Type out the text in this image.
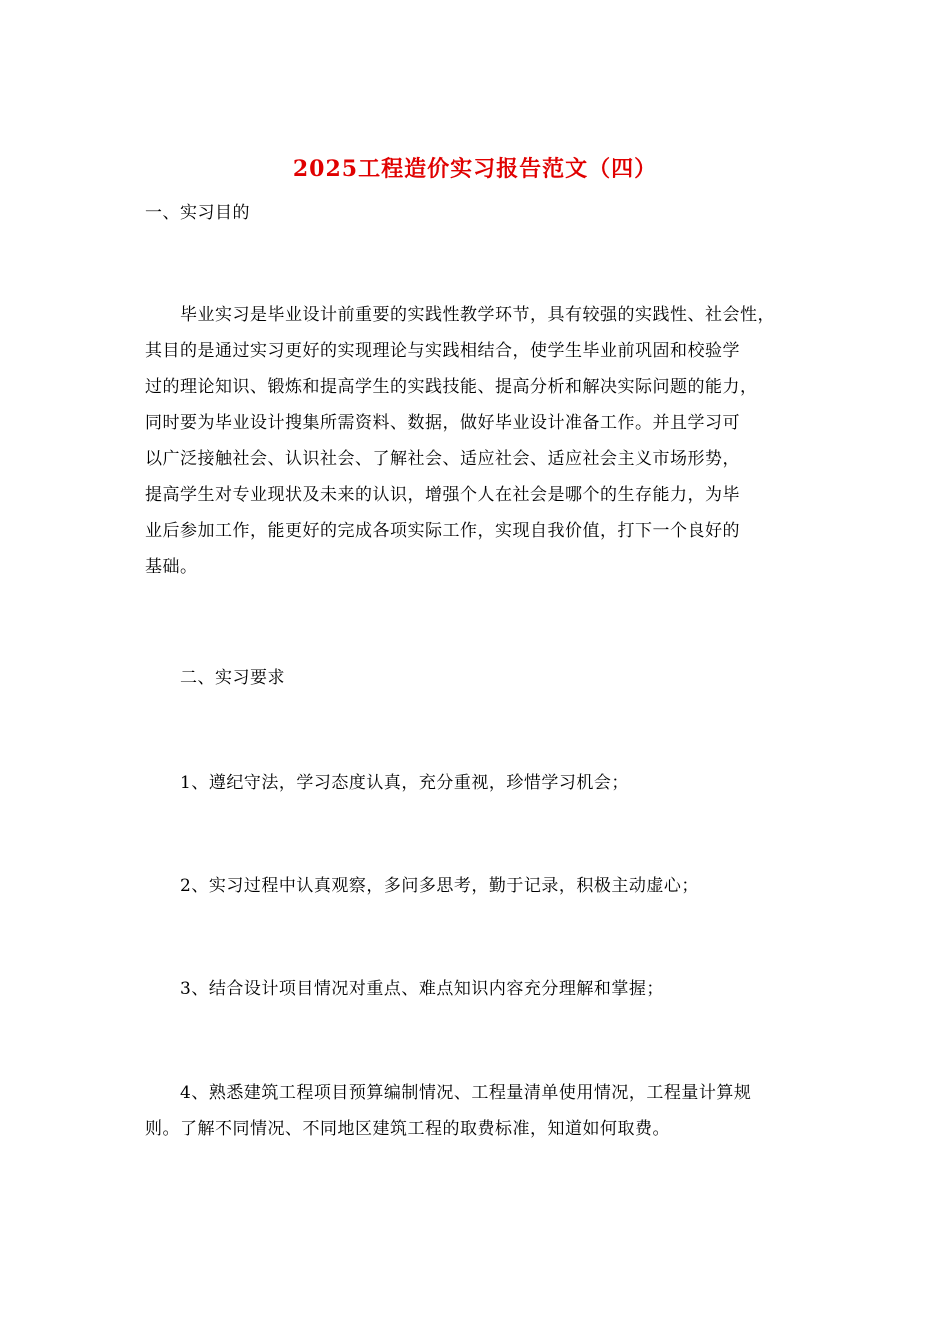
2025工程造价实习报告范文（四）
一、实习目的
　　毕业实习是毕业设计前重要的实践性教学环节，具有较强的实践性、社会性，
其目的是通过实习更好的实现理论与实践相结合，使学生毕业前巩固和校验学
过的理论知识、锻炼和提高学生的实践技能、提高分析和解决实际问题的能力，
同时要为毕业设计搜集所需资料、数据，做好毕业设计准备工作。并且学习可
以广泛接触社会、认识社会、了解社会、适应社会、适应社会主义市场形势，
提高学生对专业现状及未来的认识，增强个人在社会是哪个的生存能力，为毕
业后参加工作，能更好的完成各项实际工作，实现自我价值，打下一个良好的
基础。
　　二、实习要求
　　1、遵纪守法，学习态度认真，充分重视，珍惜学习机会；
　　2、实习过程中认真观察，多问多思考，勤于记录，积极主动虚心；
　　3、结合设计项目情况对重点、难点知识内容充分理解和掌握；
　　4、熟悉建筑工程项目预算编制情况、工程量清单使用情况，工程量计算规
则。了解不同情况、不同地区建筑工程的取费标准，知道如何取费。
